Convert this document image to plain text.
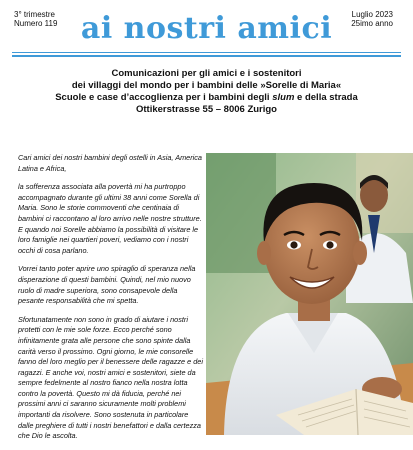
3° trimestre
Numero 119
Luglio 2023
25imo anno
ai nostri amici
Comunicazioni per gli amici e i sostenitori
dei villaggi del mondo per i bambini delle »Sorelle di Maria«
Scuole e case d’accoglienza per i bambini degli slum e della strada
Ottikerstrasse 55 – 8006 Zurigo

Cari amici dei nostri bambini degli ostelli in Asia, America Latina e Africa,

la sofferenza associata alla povertà mi ha purtroppo accompagnato durante gli ultimi 38 anni come Sorella di Maria. Sono le storie commoventi che centinaia di bambini ci raccontano al loro arrivo nelle nostre strutture. E quando noi Sorelle abbiamo la possibilità di visitare le loro famiglie nei quartieri poveri, vediamo con i nostri occhi di cosa parlano.

Vorrei tanto poter aprire uno spiraglio di speranza nella disperazione di questi bambini. Quindi, nel mio nuovo ruolo di madre superiora, sono consapevole della pesante responsabilità che mi spetta.

Sfortunatamente non sono in grado di aiutare i nostri protetti con le mie sole forze. Ecco perché sono infinitamente grata alle persone che sono spinte dalla carità verso il prossimo. Ogni giorno, le mie consorelle fanno del loro meglio per il benessere delle ragazze e dei ragazzi. E anche voi, nostri amici e sostenitori, siete da sempre fedelmente al nostro fianco nella nostra lotta contro la povertà. Questo mi dà fiducia, perché nei prossimi anni ci saranno sicuramente molti problemi importanti da risolvere. Sono sostenuta in particolare dalle preghiere di tutti i nostri benefattori e dalla certezza che Dio le ascolta.
